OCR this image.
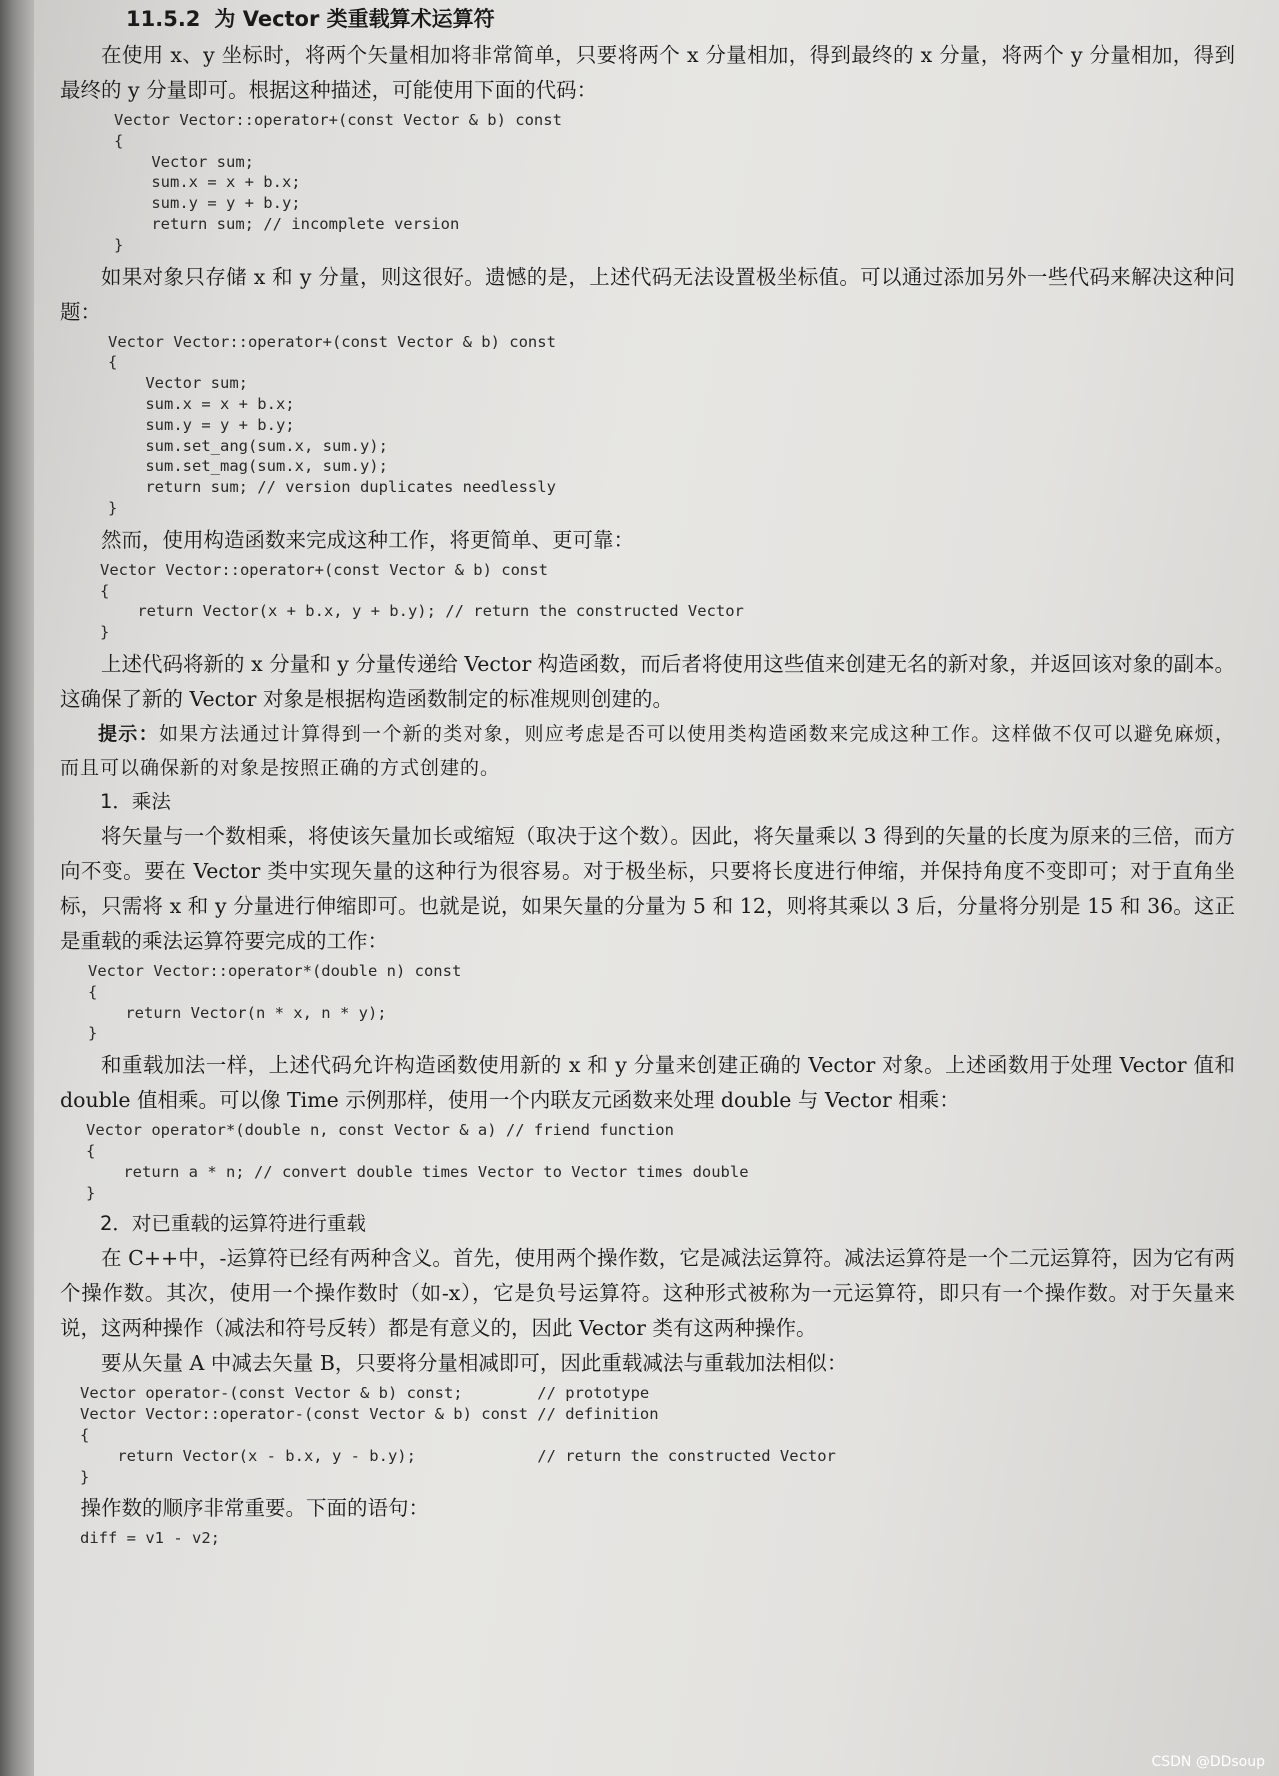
11.5.2 为 Vector 类重载算术运算符

在使用 x、y 坐标时，将两个矢量相加将非常简单，只要将两个 x 分量相加，得到最终的 x 分量，将两个 y 分量相加，得到最终的 y 分量即可。根据这种描述，可能使用下面的代码：

Vector Vector::operator+(const Vector & b) const
{
Vector sum;
sum.x = x + b.x;
sum.y = y + b.y;
return sum; // incomplete version
}

如果对象只存储 x 和 y 分量，则这很好。遗憾的是，上述代码无法设置极坐标值。可以通过添加另外一些代码来解决这种问题：

Vector Vector::operator+(const Vector & b) const
{
Vector sum;
sum.x = x + b.x;
sum.y = y + b.y;
sum.set_ang(sum.x, sum.y);
sum.set_mag(sum.x, sum.y);
return sum; // version duplicates needlessly
}

然而，使用构造函数来完成这种工作，将更简单、更可靠：

Vector Vector::operator+(const Vector & b) const
{
return Vector(x + b.x, y + b.y); // return the constructed Vector
}

上述代码将新的 x 分量和 y 分量传递给 Vector 构造函数，而后者将使用这些值来创建无名的新对象，并返回该对象的副本。这确保了新的 Vector 对象是根据构造函数制定的标准规则创建的。

提示：如果方法通过计算得到一个新的类对象，则应考虑是否可以使用类构造函数来完成这种工作。这样做不仅可以避免麻烦，而且可以确保新的对象是按照正确的方式创建的。

1．乘法

将矢量与一个数相乘，将使该矢量加长或缩短（取决于这个数）。因此，将矢量乘以 3 得到的矢量的长度为原来的三倍，而方向不变。要在 Vector 类中实现矢量的这种行为很容易。对于极坐标，只要将长度进行伸缩，并保持角度不变即可；对于直角坐标，只需将 x 和 y 分量进行伸缩即可。也就是说，如果矢量的分量为 5 和 12，则将其乘以 3 后，分量将分别是 15 和 36。这正是重载的乘法运算符要完成的工作：

Vector Vector::operator*(double n) const
{
return Vector(n * x, n * y);
}

和重载加法一样，上述代码允许构造函数使用新的 x 和 y 分量来创建正确的 Vector 对象。上述函数用于处理 Vector 值和 double 值相乘。可以像 Time 示例那样，使用一个内联友元函数来处理 double 与 Vector 相乘：

Vector operator*(double n, const Vector & a) // friend function
{
return a * n; // convert double times Vector to Vector times double
}
2．对已重载的运算符进行重载

在 C++中，-运算符已经有两种含义。首先，使用两个操作数，它是减法运算符。减法运算符是一个二元运算符，因为它有两个操作数。其次，使用一个操作数时（如-x），它是负号运算符。这种形式被称为一元运算符，即只有一个操作数。对于矢量来说，这两种操作（减法和符号反转）都是有意义的，因此 Vector 类有这两种操作。

要从矢量 A 中减去矢量 B，只要将分量相减即可，因此重载减法与重载加法相似：

Vector operator-(const Vector & b) const;        // prototype
Vector Vector::operator-(const Vector & b) const // definition
{
return Vector(x - b.x, y - b.y);             // return the constructed Vector
}

操作数的顺序非常重要。下面的语句：

diff = v1 - v2;
CSDN @DDsoup
